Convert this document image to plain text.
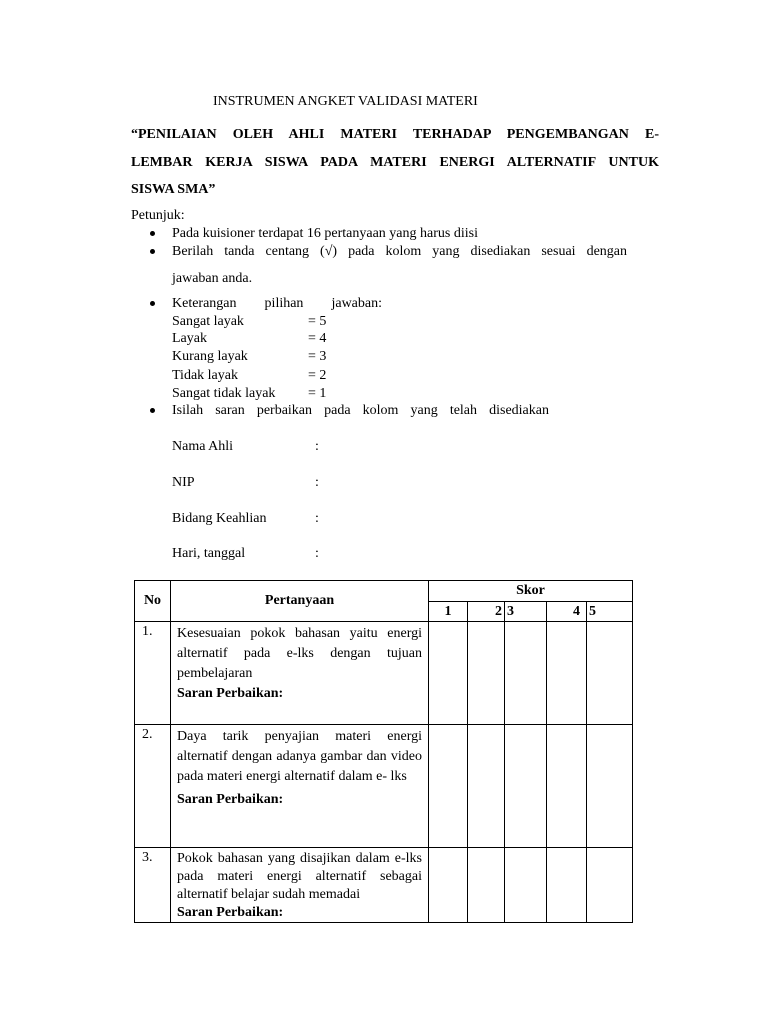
INSTRUMEN ANGKET VALIDASI MATERI
“PENILAIAN OLEH AHLI MATERI TERHADAP PENGEMBANGAN E-
LEMBAR KERJA SISWA PADA MATERI ENERGI ALTERNATIF UNTUK
SISWA SMA”
Petunjuk:
Pada kuisioner terdapat 16 pertanyaan yang harus diisi
Berilah tanda centang (√) pada kolom yang disediakan sesuai dengan
jawaban anda.
Keterangan pilihan jawaban:
Sangat layak	= 5
Layak	= 4
Kurang layak	= 3
Tidak layak	= 2
Sangat tidak layak = 1
Isilah saran perbaikan pada kolom yang telah disediakan
Nama Ahli	:
NIP	:
Bidang Keahlian	:
Hari, tanggal	:
No	Pertanyaan	Skor				
		1	2	3	4	5
1.	Kesesuaian pokok bahasan yaitu energi alternatif pada e-lks dengan tujuan pembelajaran
Saran Perbaikan:					

2.	Daya tarik penyajian materi energi alternatif dengan adanya gambar dan video pada materi energi alternatif dalam e- lks
Saran Perbaikan:					

3.	Pokok bahasan yang disajikan dalam e-lks pada materi energi alternatif sebagai alternatif belajar sudah memadai
Saran Perbaikan:					
